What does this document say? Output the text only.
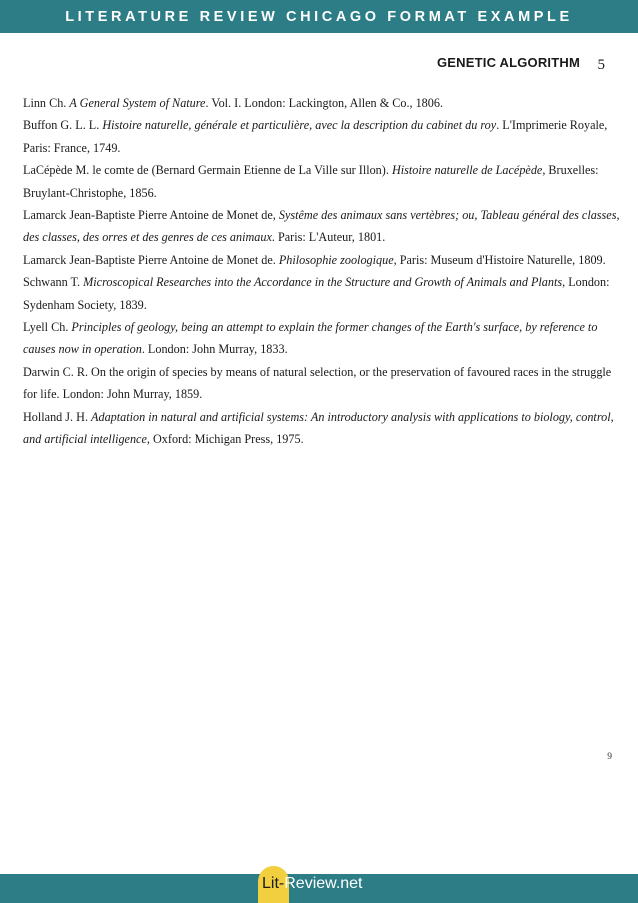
LITERATURE REVIEW CHICAGO FORMAT EXAMPLE
GENETIC ALGORITHM 5

Linn Ch. A General System of Nature. Vol. I. London: Lackington, Allen & Co., 1806.

Buffon G. L. L. Histoire naturelle, générale et particulière, avec la description du cabinet du roy. L'Imprimerie Royale, Paris: France, 1749.

LaCépède M. le comte de (Bernard Germain Etienne de La Ville sur Illon). Histoire naturelle de Lacépède, Bruxelles: Bruylant-Christophe, 1856.

Lamarck Jean-Baptiste Pierre Antoine de Monet de, Systême des animaux sans vertèbres; ou, Tableau général des classes, des classes, des orres et des genres de ces animaux. Paris: L'Auteur, 1801.

Lamarck Jean-Baptiste Pierre Antoine de Monet de. Philosophie zoologique, Paris: Museum d'Histoire Naturelle, 1809.

Schwann T. Microscopical Researches into the Accordance in the Structure and Growth of Animals and Plants, London: Sydenham Society, 1839.

Lyell Ch. Principles of geology, being an attempt to explain the former changes of the Earth's surface, by reference to causes now in operation. London: John Murray, 1833.

Darwin C. R. On the origin of species by means of natural selection, or the preservation of favoured races in the struggle for life. London: John Murray, 1859.

Holland J. H. Adaptation in natural and artificial systems: An introductory analysis with applications to biology, control, and artificial intelligence, Oxford: Michigan Press, 1975.

9
Lit-Review.net
